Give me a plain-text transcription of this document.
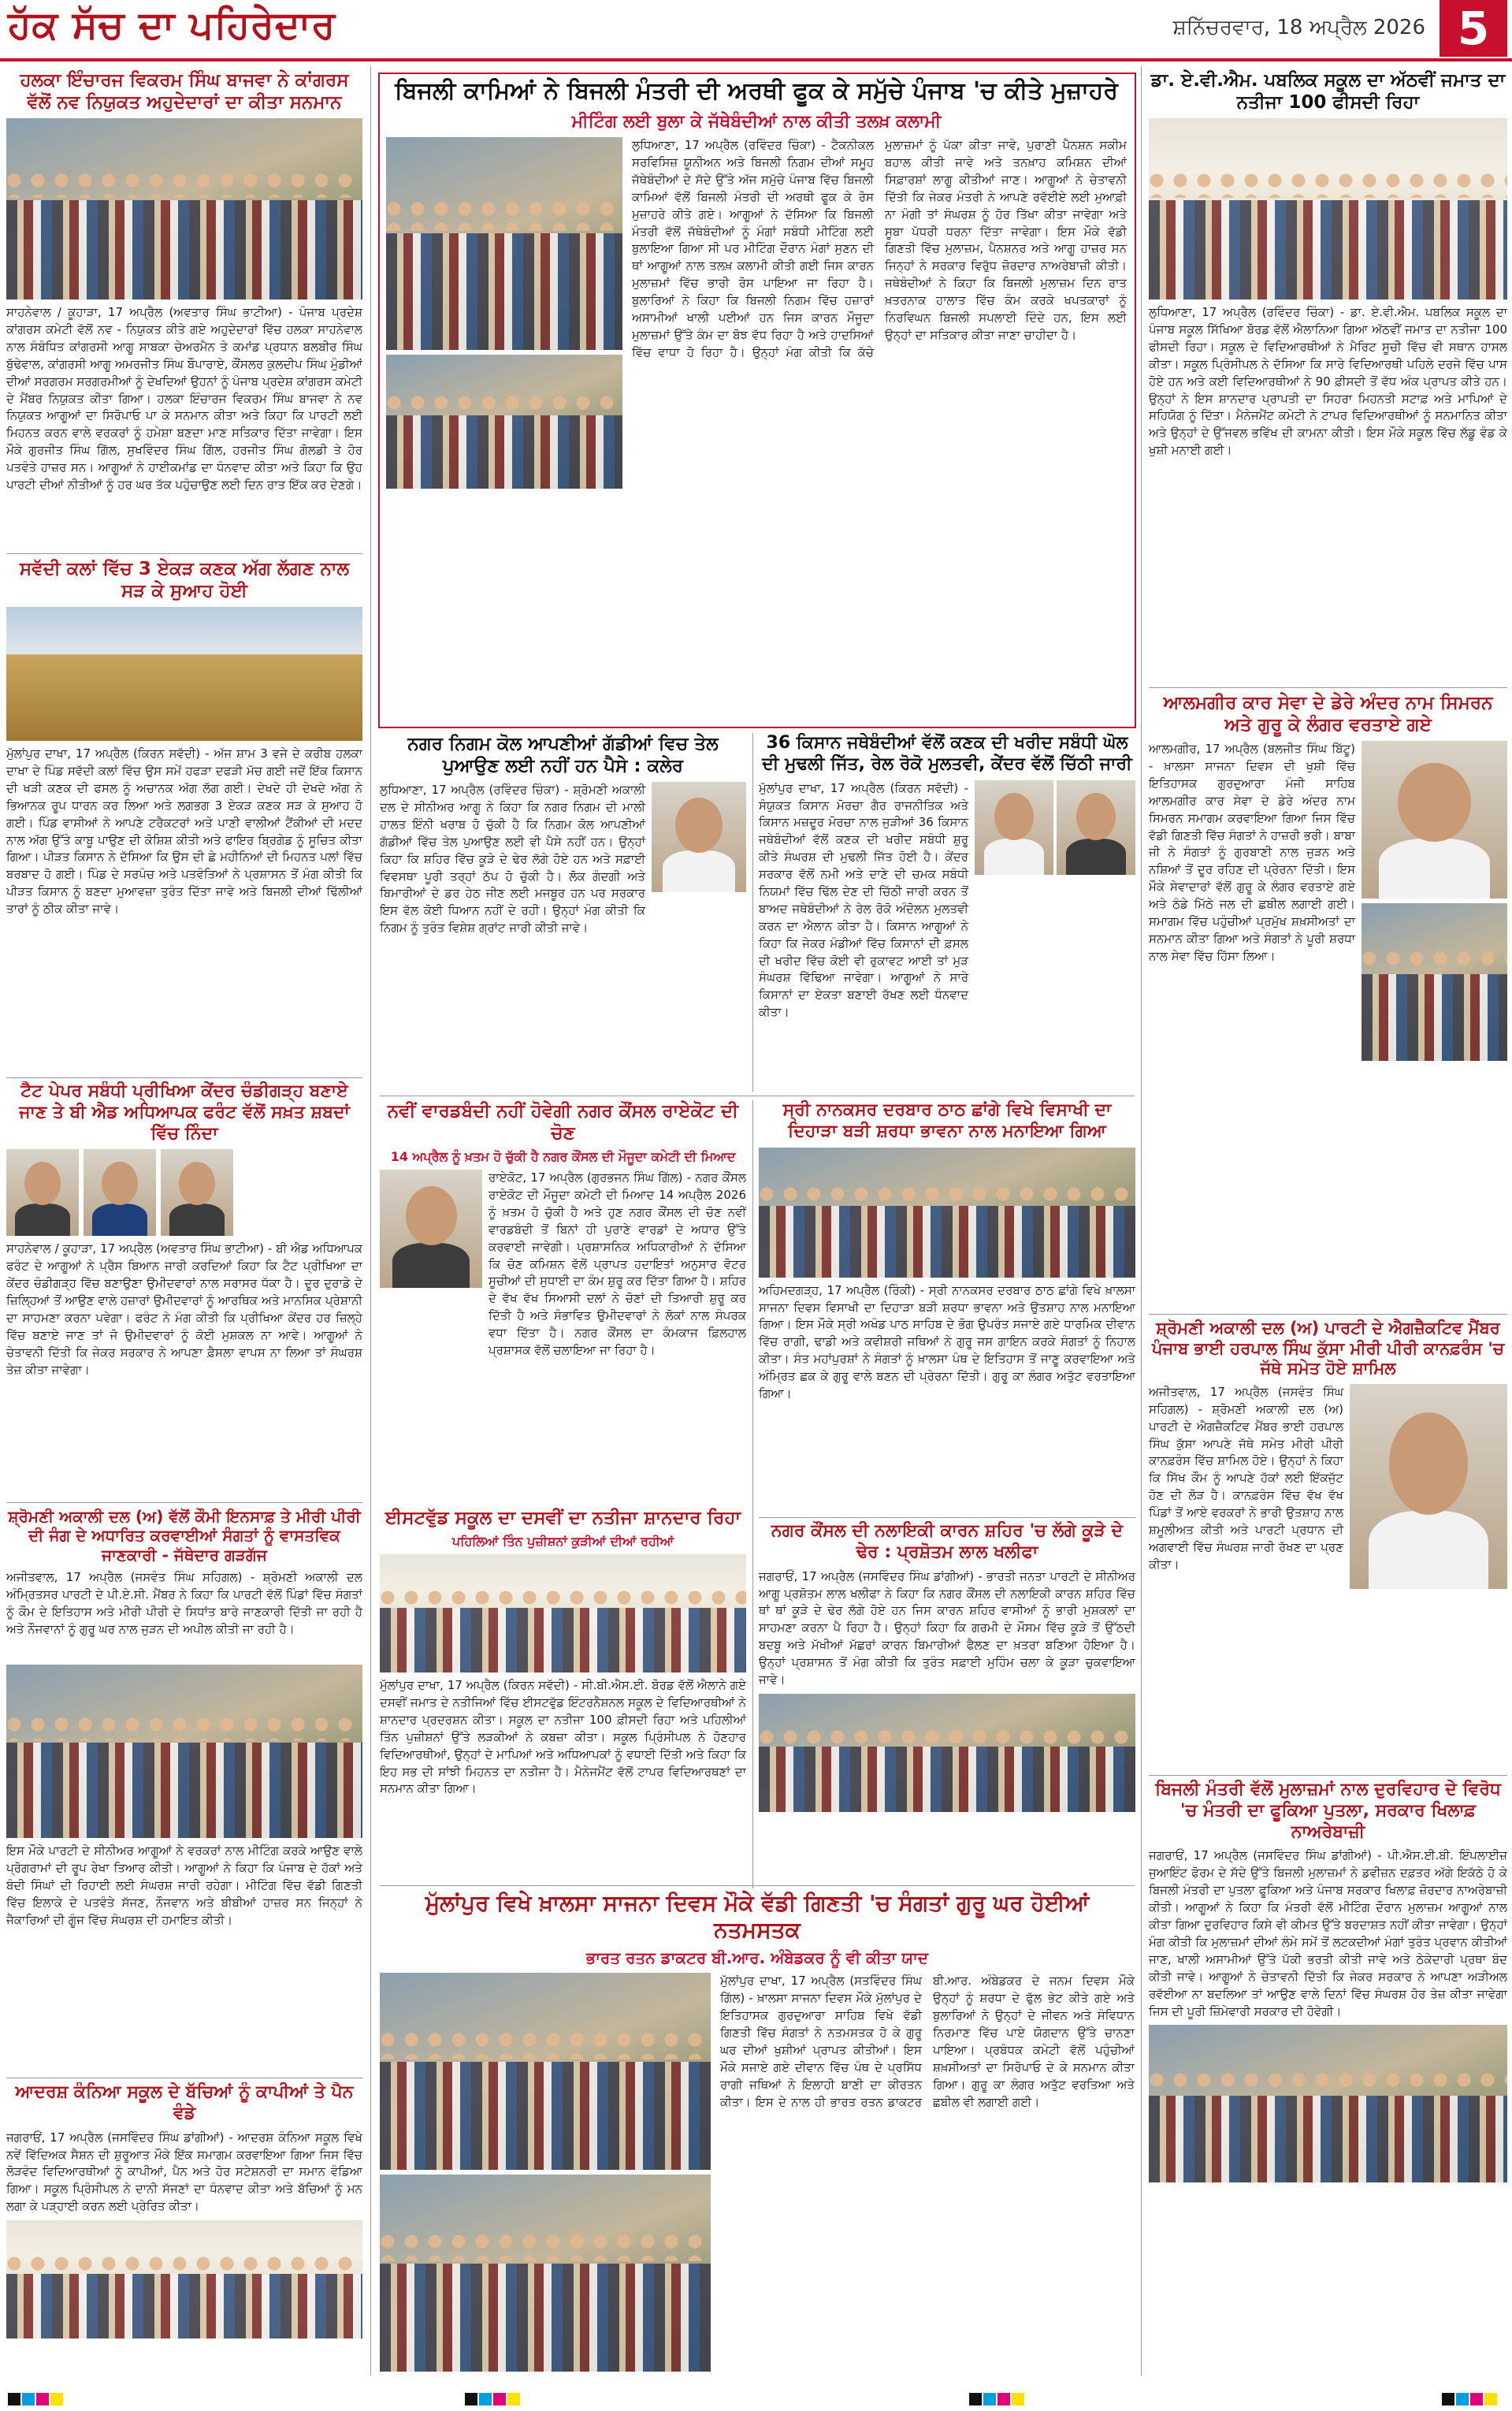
ਹੱਕ ਸੱਚ ਦਾ ਪਹਿਰੇਦਾਰ	ਸ਼ਨਿੱਚਰਵਾਰ, 18 ਅਪ੍ਰੈਲ 2026 5
ਹਲਕਾ ਇੰਚਾਰਜ ਵਿਕਰਮ ਸਿੰਘ ਬਾਜਵਾ ਨੇ ਕਾਂਗਰਸ ਵੱਲੋਂ ਨਵ ਨਿਯੁਕਤ ਅਹੁਦੇਦਾਰਾਂ ਦਾ ਕੀਤਾ ਸਨਮਾਨ
ਸਾਹਨੇਵਾਲ / ਕੂਹਾੜਾ, 17 ਅਪ੍ਰੈਲ (ਅਵਤਾਰ ਸਿੰਘ ਭਾਟੀਆ) - ਪੰਜਾਬ ਪ੍ਰਦੇਸ਼ ਕਾਂਗਰਸ ਕਮੇਟੀ ਵੱਲੋਂ ਨਵ - ਨਿਯੁਕਤ ਕੀਤੇ ਗਏ ਅਹੁਦੇਦਾਰਾਂ ਵਿੱਚ ਹਲਕਾ ਸਾਹਨੇਵਾਲ ਨਾਲ ਸੰਬੰਧਿਤ ਕਾਂਗਰਸੀ ਆਗੂ ਸਾਬਕਾ ਚੇਅਰਮੈਨ ਤੇ ਕਮਾਂਡ ਪ੍ਰਧਾਨ ਬਲਬੀਰ ਸਿੰਘ ਬੁੱਢੇਵਾਲ, ਕਾਂਗਰਸੀ ਆਗੂ ਅਮਰਜੀਤ ਸਿੰਘ ਬੌਪਾਰਾਏ, ਕੌਂਸਲਰ ਕੁਲਦੀਪ ਸਿੰਘ ਮੁੰਡੀਆਂ ਦੀਆਂ ਸਰਗਰਮ ਸਰਗਰਮੀਆਂ ਨੂੰ ਦੇਖਦਿਆਂ ਉਹਨਾਂ ਨੂੰ ਪੰਜਾਬ ਪ੍ਰਦੇਸ਼ ਕਾਂਗਰਸ ਕਮੇਟੀ ਦੇ ਮੈਂਬਰ ਨਿਯੁਕਤ ਕੀਤਾ ਗਿਆ। ਹਲਕਾ ਇੰਚਾਰਜ ਵਿਕਰਮ ਸਿੰਘ ਬਾਜਵਾ ਨੇ ਨਵ ਨਿਯੁਕਤ ਆਗੂਆਂ ਦਾ ਸਿਰੋਪਾਓ ਪਾ ਕੇ ਸਨਮਾਨ ਕੀਤਾ ਅਤੇ ਕਿਹਾ ਕਿ ਪਾਰਟੀ ਲਈ ਮਿਹਨਤ ਕਰਨ ਵਾਲੇ ਵਰਕਰਾਂ ਨੂੰ ਹਮੇਸ਼ਾ ਬਣਦਾ ਮਾਣ ਸਤਿਕਾਰ ਦਿੱਤਾ ਜਾਵੇਗਾ। ਇਸ ਮੌਕੇ ਗੁਰਜੀਤ ਸਿੰਘ ਗਿੱਲ, ਸੁਖਵਿੰਦਰ ਸਿੰਘ ਗਿੱਲ, ਹਰਜੀਤ ਸਿੰਘ ਗੋਲਡੀ ਤੇ ਹੋਰ ਪਤਵੰਤੇ ਹਾਜ਼ਰ ਸਨ। ਆਗੂਆਂ ਨੇ ਹਾਈਕਮਾਂਡ ਦਾ ਧੰਨਵਾਦ ਕੀਤਾ ਅਤੇ ਕਿਹਾ ਕਿ ਉਹ ਪਾਰਟੀ ਦੀਆਂ ਨੀਤੀਆਂ ਨੂੰ ਹਰ ਘਰ ਤੱਕ ਪਹੁੰਚਾਉਣ ਲਈ ਦਿਨ ਰਾਤ ਇੱਕ ਕਰ ਦੇਣਗੇ।
ਸਵੱਦੀ ਕਲਾਂ ਵਿੱਚ 3 ਏਕੜ ਕਣਕ ਅੱਗ ਲੱਗਣ ਨਾਲ ਸੜ ਕੇ ਸੁਆਹ ਹੋਈ
ਮੁੱਲਾਂਪੁਰ ਦਾਖਾ, 17 ਅਪ੍ਰੈਲ (ਕਿਰਨ ਸਵੱਦੀ) - ਅੱਜ ਸ਼ਾਮ 3 ਵਜੇ ਦੇ ਕਰੀਬ ਹਲਕਾ ਦਾਖਾ ਦੇ ਪਿੰਡ ਸਵੱਦੀ ਕਲਾਂ ਵਿੱਚ ਉਸ ਸਮੇਂ ਹਫੜਾ ਦਫੜੀ ਮੱਚ ਗਈ ਜਦੋਂ ਇੱਕ ਕਿਸਾਨ ਦੀ ਖੜੀ ਕਣਕ ਦੀ ਫਸਲ ਨੂੰ ਅਚਾਨਕ ਅੱਗ ਲੱਗ ਗਈ। ਦੇਖਦੇ ਹੀ ਦੇਖਦੇ ਅੱਗ ਨੇ ਭਿਆਨਕ ਰੂਪ ਧਾਰਨ ਕਰ ਲਿਆ ਅਤੇ ਲਗਭਗ 3 ਏਕੜ ਕਣਕ ਸੜ ਕੇ ਸੁਆਹ ਹੋ ਗਈ। ਪਿੰਡ ਵਾਸੀਆਂ ਨੇ ਆਪਣੇ ਟਰੈਕਟਰਾਂ ਅਤੇ ਪਾਣੀ ਵਾਲੀਆਂ ਟੈਂਕੀਆਂ ਦੀ ਮਦਦ ਨਾਲ ਅੱਗ ਉੱਤੇ ਕਾਬੂ ਪਾਉਣ ਦੀ ਕੋਸ਼ਿਸ਼ ਕੀਤੀ ਅਤੇ ਫਾਇਰ ਬ੍ਰਿਗੇਡ ਨੂੰ ਸੂਚਿਤ ਕੀਤਾ ਗਿਆ। ਪੀੜਤ ਕਿਸਾਨ ਨੇ ਦੱਸਿਆ ਕਿ ਉਸ ਦੀ ਛੇ ਮਹੀਨਿਆਂ ਦੀ ਮਿਹਨਤ ਪਲਾਂ ਵਿੱਚ ਬਰਬਾਦ ਹੋ ਗਈ। ਪਿੰਡ ਦੇ ਸਰਪੰਚ ਅਤੇ ਪਤਵੰਤਿਆਂ ਨੇ ਪ੍ਰਸ਼ਾਸਨ ਤੋਂ ਮੰਗ ਕੀਤੀ ਕਿ ਪੀੜਤ ਕਿਸਾਨ ਨੂੰ ਬਣਦਾ ਮੁਆਵਜ਼ਾ ਤੁਰੰਤ ਦਿੱਤਾ ਜਾਵੇ ਅਤੇ ਬਿਜਲੀ ਦੀਆਂ ਢਿੱਲੀਆਂ ਤਾਰਾਂ ਨੂੰ ਠੀਕ ਕੀਤਾ ਜਾਵੇ।
ਟੈਟ ਪੇਪਰ ਸਬੰਧੀ ਪ੍ਰੀਖਿਆ ਕੇਂਦਰ ਚੰਡੀਗੜ੍ਹ ਬਣਾਏ ਜਾਣ ਤੇ ਬੀ ਐਡ ਅਧਿਆਪਕ ਫਰੰਟ ਵੱਲੋਂ ਸਖ਼ਤ ਸ਼ਬਦਾਂ ਵਿੱਚ ਨਿੰਦਾ
ਸਾਹਨੇਵਾਲ / ਕੂਹਾੜਾ, 17 ਅਪ੍ਰੈਲ (ਅਵਤਾਰ ਸਿੰਘ ਭਾਟੀਆ) - ਬੀ ਐਡ ਅਧਿਆਪਕ ਫਰੰਟ ਦੇ ਆਗੂਆਂ ਨੇ ਪ੍ਰੈਸ ਬਿਆਨ ਜਾਰੀ ਕਰਦਿਆਂ ਕਿਹਾ ਕਿ ਟੈਟ ਪ੍ਰੀਖਿਆ ਦਾ ਕੇਂਦਰ ਚੰਡੀਗੜ੍ਹ ਵਿੱਚ ਬਣਾਉਣਾ ਉਮੀਦਵਾਰਾਂ ਨਾਲ ਸਰਾਸਰ ਧੱਕਾ ਹੈ। ਦੂਰ ਦੁਰਾਡੇ ਦੇ ਜ਼ਿਲ੍ਹਿਆਂ ਤੋਂ ਆਉਣ ਵਾਲੇ ਹਜ਼ਾਰਾਂ ਉਮੀਦਵਾਰਾਂ ਨੂੰ ਆਰਥਿਕ ਅਤੇ ਮਾਨਸਿਕ ਪ੍ਰੇਸ਼ਾਨੀ ਦਾ ਸਾਹਮਣਾ ਕਰਨਾ ਪਵੇਗਾ। ਫਰੰਟ ਨੇ ਮੰਗ ਕੀਤੀ ਕਿ ਪ੍ਰੀਖਿਆ ਕੇਂਦਰ ਹਰ ਜ਼ਿਲ੍ਹੇ ਵਿੱਚ ਬਣਾਏ ਜਾਣ ਤਾਂ ਜੋ ਉਮੀਦਵਾਰਾਂ ਨੂੰ ਕੋਈ ਮੁਸ਼ਕਲ ਨਾ ਆਵੇ। ਆਗੂਆਂ ਨੇ ਚੇਤਾਵਨੀ ਦਿੱਤੀ ਕਿ ਜੇਕਰ ਸਰਕਾਰ ਨੇ ਆਪਣਾ ਫ਼ੈਸਲਾ ਵਾਪਸ ਨਾ ਲਿਆ ਤਾਂ ਸੰਘਰਸ਼ ਤੇਜ਼ ਕੀਤਾ ਜਾਵੇਗਾ।
ਸ਼੍ਰੋਮਣੀ ਅਕਾਲੀ ਦਲ (ਅ) ਵੱਲੋਂ ਕੌਮੀ ਇਨਸਾਫ਼ ਤੇ ਮੀਰੀ ਪੀਰੀ ਦੀ ਜੰਗ ਦੇ ਅਧਾਰਿਤ ਕਰਵਾਈਆਂ ਸੰਗਤਾਂ ਨੂੰ ਵਾਸਤਵਿਕ ਜਾਣਕਾਰੀ - ਜੱਥੇਦਾਰ ਗੜਗੱਜ
ਅਜੀਤਵਾਲ, 17 ਅਪ੍ਰੈਲ (ਜਸਵੰਤ ਸਿੰਘ ਸਹਿਗਲ) - ਸ਼੍ਰੋਮਣੀ ਅਕਾਲੀ ਦਲ ਅੰਮ੍ਰਿਤਸਰ ਪਾਰਟੀ ਦੇ ਪੀ.ਏ.ਸੀ. ਮੈਂਬਰ ਨੇ ਕਿਹਾ ਕਿ ਪਾਰਟੀ ਵੱਲੋਂ ਪਿੰਡਾਂ ਵਿੱਚ ਸੰਗਤਾਂ ਨੂੰ ਕੌਮ ਦੇ ਇਤਿਹਾਸ ਅਤੇ ਮੀਰੀ ਪੀਰੀ ਦੇ ਸਿਧਾਂਤ ਬਾਰੇ ਜਾਣਕਾਰੀ ਦਿੱਤੀ ਜਾ ਰਹੀ ਹੈ ਅਤੇ ਨੌਜਵਾਨਾਂ ਨੂੰ ਗੁਰੂ ਘਰ ਨਾਲ ਜੁੜਨ ਦੀ ਅਪੀਲ ਕੀਤੀ ਜਾ ਰਹੀ ਹੈ।
ਇਸ ਮੌਕੇ ਪਾਰਟੀ ਦੇ ਸੀਨੀਅਰ ਆਗੂਆਂ ਨੇ ਵਰਕਰਾਂ ਨਾਲ ਮੀਟਿੰਗ ਕਰਕੇ ਆਉਣ ਵਾਲੇ ਪ੍ਰੋਗਰਾਮਾਂ ਦੀ ਰੂਪ ਰੇਖਾ ਤਿਆਰ ਕੀਤੀ। ਆਗੂਆਂ ਨੇ ਕਿਹਾ ਕਿ ਪੰਜਾਬ ਦੇ ਹੱਕਾਂ ਅਤੇ ਬੰਦੀ ਸਿੰਘਾਂ ਦੀ ਰਿਹਾਈ ਲਈ ਸੰਘਰਸ਼ ਜਾਰੀ ਰਹੇਗਾ। ਮੀਟਿੰਗ ਵਿੱਚ ਵੱਡੀ ਗਿਣਤੀ ਵਿੱਚ ਇਲਾਕੇ ਦੇ ਪਤਵੰਤੇ ਸੱਜਣ, ਨੌਜਵਾਨ ਅਤੇ ਬੀਬੀਆਂ ਹਾਜ਼ਰ ਸਨ ਜਿਨ੍ਹਾਂ ਨੇ ਜੈਕਾਰਿਆਂ ਦੀ ਗੂੰਜ ਵਿੱਚ ਸੰਘਰਸ਼ ਦੀ ਹਮਾਇਤ ਕੀਤੀ।
ਆਦਰਸ਼ ਕੰਨਿਆ ਸਕੂਲ ਦੇ ਬੱਚਿਆਂ ਨੂੰ ਕਾਪੀਆਂ ਤੇ ਪੈਨ ਵੰਡੇ
ਜਗਰਾਓਂ, 17 ਅਪ੍ਰੈਲ (ਜਸਵਿੰਦਰ ਸਿੰਘ ਡਾਂਗੀਆਂ) - ਆਦਰਸ਼ ਕੰਨਿਆ ਸਕੂਲ ਵਿਖੇ ਨਵੇਂ ਵਿੱਦਿਅਕ ਸੈਸ਼ਨ ਦੀ ਸ਼ੁਰੂਆਤ ਮੌਕੇ ਇੱਕ ਸਮਾਗਮ ਕਰਵਾਇਆ ਗਿਆ ਜਿਸ ਵਿੱਚ ਲੋੜਵੰਦ ਵਿਦਿਆਰਥੀਆਂ ਨੂੰ ਕਾਪੀਆਂ, ਪੈਨ ਅਤੇ ਹੋਰ ਸਟੇਸ਼ਨਰੀ ਦਾ ਸਮਾਨ ਵੰਡਿਆ ਗਿਆ। ਸਕੂਲ ਪ੍ਰਿੰਸੀਪਲ ਨੇ ਦਾਨੀ ਸੱਜਣਾਂ ਦਾ ਧੰਨਵਾਦ ਕੀਤਾ ਅਤੇ ਬੱਚਿਆਂ ਨੂੰ ਮਨ ਲਗਾ ਕੇ ਪੜ੍ਹਾਈ ਕਰਨ ਲਈ ਪ੍ਰੇਰਿਤ ਕੀਤਾ।
ਬਿਜਲੀ ਕਾਮਿਆਂ ਨੇ ਬਿਜਲੀ ਮੰਤਰੀ ਦੀ ਅਰਥੀ ਫੂਕ ਕੇ ਸਮੁੱਚੇ ਪੰਜਾਬ 'ਚ ਕੀਤੇ ਮੁਜ਼ਾਹਰੇ
ਮੀਟਿੰਗ ਲਈ ਬੁਲਾ ਕੇ ਜੱਥੇਬੰਦੀਆਂ ਨਾਲ ਕੀਤੀ ਤਲਖ਼ ਕਲਾਮੀ
ਲੁਧਿਆਣਾ, 17 ਅਪ੍ਰੈਲ (ਰਵਿੰਦਰ ਚਿੰਕਾ) - ਟੈਕਨੀਕਲ ਸਰਵਿਸਿਜ਼ ਯੂਨੀਅਨ ਅਤੇ ਬਿਜਲੀ ਨਿਗਮ ਦੀਆਂ ਸਮੂਹ ਜੱਥੇਬੰਦੀਆਂ ਦੇ ਸੱਦੇ ਉੱਤੇ ਅੱਜ ਸਮੁੱਚੇ ਪੰਜਾਬ ਵਿੱਚ ਬਿਜਲੀ ਕਾਮਿਆਂ ਵੱਲੋਂ ਬਿਜਲੀ ਮੰਤਰੀ ਦੀ ਅਰਥੀ ਫੂਕ ਕੇ ਰੋਸ ਮੁਜ਼ਾਹਰੇ ਕੀਤੇ ਗਏ। ਆਗੂਆਂ ਨੇ ਦੱਸਿਆ ਕਿ ਬਿਜਲੀ ਮੰਤਰੀ ਵੱਲੋਂ ਜੱਥੇਬੰਦੀਆਂ ਨੂੰ ਮੰਗਾਂ ਸਬੰਧੀ ਮੀਟਿੰਗ ਲਈ ਬੁਲਾਇਆ ਗਿਆ ਸੀ ਪਰ ਮੀਟਿੰਗ ਦੌਰਾਨ ਮੰਗਾਂ ਸੁਣਨ ਦੀ ਥਾਂ ਆਗੂਆਂ ਨਾਲ ਤਲਖ਼ ਕਲਾਮੀ ਕੀਤੀ ਗਈ ਜਿਸ ਕਾਰਨ ਮੁਲਾਜ਼ਮਾਂ ਵਿੱਚ ਭਾਰੀ ਰੋਸ ਪਾਇਆ ਜਾ ਰਿਹਾ ਹੈ। ਬੁਲਾਰਿਆਂ ਨੇ ਕਿਹਾ ਕਿ ਬਿਜਲੀ ਨਿਗਮ ਵਿੱਚ ਹਜ਼ਾਰਾਂ ਅਸਾਮੀਆਂ ਖਾਲੀ ਪਈਆਂ ਹਨ ਜਿਸ ਕਾਰਨ ਮੌਜੂਦਾ ਮੁਲਾਜ਼ਮਾਂ ਉੱਤੇ ਕੰਮ ਦਾ ਬੋਝ ਵੱਧ ਰਿਹਾ ਹੈ ਅਤੇ ਹਾਦਸਿਆਂ ਵਿੱਚ ਵਾਧਾ ਹੋ ਰਿਹਾ ਹੈ। ਉਨ੍ਹਾਂ ਮੰਗ ਕੀਤੀ ਕਿ ਕੱਚੇ ਮੁਲਾਜ਼ਮਾਂ ਨੂੰ ਪੱਕਾ ਕੀਤਾ ਜਾਵੇ, ਪੁਰਾਣੀ ਪੈਨਸ਼ਨ ਸਕੀਮ ਬਹਾਲ ਕੀਤੀ ਜਾਵੇ ਅਤੇ ਤਨਖ਼ਾਹ ਕਮਿਸ਼ਨ ਦੀਆਂ ਸਿਫ਼ਾਰਸ਼ਾਂ ਲਾਗੂ ਕੀਤੀਆਂ ਜਾਣ। ਆਗੂਆਂ ਨੇ ਚੇਤਾਵਨੀ ਦਿੱਤੀ ਕਿ ਜੇਕਰ ਮੰਤਰੀ ਨੇ ਆਪਣੇ ਰਵੱਈਏ ਲਈ ਮੁਆਫ਼ੀ ਨਾ ਮੰਗੀ ਤਾਂ ਸੰਘਰਸ਼ ਨੂੰ ਹੋਰ ਤਿੱਖਾ ਕੀਤਾ ਜਾਵੇਗਾ ਅਤੇ ਸੂਬਾ ਪੱਧਰੀ ਧਰਨਾ ਦਿੱਤਾ ਜਾਵੇਗਾ। ਇਸ ਮੌਕੇ ਵੱਡੀ ਗਿਣਤੀ ਵਿੱਚ ਮੁਲਾਜ਼ਮ, ਪੈਨਸ਼ਨਰ ਅਤੇ ਆਗੂ ਹਾਜ਼ਰ ਸਨ ਜਿਨ੍ਹਾਂ ਨੇ ਸਰਕਾਰ ਵਿਰੁੱਧ ਜ਼ੋਰਦਾਰ ਨਾਅਰੇਬਾਜ਼ੀ ਕੀਤੀ। ਜਥੇਬੰਦੀਆਂ ਨੇ ਕਿਹਾ ਕਿ ਬਿਜਲੀ ਮੁਲਾਜ਼ਮ ਦਿਨ ਰਾਤ ਖ਼ਤਰਨਾਕ ਹਾਲਾਤ ਵਿੱਚ ਕੰਮ ਕਰਕੇ ਖਪਤਕਾਰਾਂ ਨੂੰ ਨਿਰਵਿਘਨ ਬਿਜਲੀ ਸਪਲਾਈ ਦਿੰਦੇ ਹਨ, ਇਸ ਲਈ ਉਨ੍ਹਾਂ ਦਾ ਸਤਿਕਾਰ ਕੀਤਾ ਜਾਣਾ ਚਾਹੀਦਾ ਹੈ।
ਨਗਰ ਨਿਗਮ ਕੋਲ ਆਪਣੀਆਂ ਗੱਡੀਆਂ ਵਿਚ ਤੇਲ ਪੁਆਉਣ ਲਈ ਨਹੀਂ ਹਨ ਪੈਸੇ : ਕਲੇਰ
ਲੁਧਿਆਣਾ, 17 ਅਪ੍ਰੈਲ (ਰਵਿੰਦਰ ਚਿੰਕਾ) - ਸ਼੍ਰੋਮਣੀ ਅਕਾਲੀ ਦਲ ਦੇ ਸੀਨੀਅਰ ਆਗੂ ਨੇ ਕਿਹਾ ਕਿ ਨਗਰ ਨਿਗਮ ਦੀ ਮਾਲੀ ਹਾਲਤ ਇੰਨੀ ਖਰਾਬ ਹੋ ਚੁੱਕੀ ਹੈ ਕਿ ਨਿਗਮ ਕੋਲ ਆਪਣੀਆਂ ਗੱਡੀਆਂ ਵਿੱਚ ਤੇਲ ਪੁਆਉਣ ਲਈ ਵੀ ਪੈਸੇ ਨਹੀਂ ਹਨ। ਉਨ੍ਹਾਂ ਕਿਹਾ ਕਿ ਸ਼ਹਿਰ ਵਿੱਚ ਕੂੜੇ ਦੇ ਢੇਰ ਲੱਗੇ ਹੋਏ ਹਨ ਅਤੇ ਸਫ਼ਾਈ ਵਿਵਸਥਾ ਪੂਰੀ ਤਰ੍ਹਾਂ ਠੱਪ ਹੋ ਚੁੱਕੀ ਹੈ। ਲੋਕ ਗੰਦਗੀ ਅਤੇ ਬਿਮਾਰੀਆਂ ਦੇ ਡਰ ਹੇਠ ਜੀਣ ਲਈ ਮਜਬੂਰ ਹਨ ਪਰ ਸਰਕਾਰ ਇਸ ਵੱਲ ਕੋਈ ਧਿਆਨ ਨਹੀਂ ਦੇ ਰਹੀ। ਉਨ੍ਹਾਂ ਮੰਗ ਕੀਤੀ ਕਿ ਨਿਗਮ ਨੂੰ ਤੁਰੰਤ ਵਿਸ਼ੇਸ਼ ਗ੍ਰਾਂਟ ਜਾਰੀ ਕੀਤੀ ਜਾਵੇ।
36 ਕਿਸਾਨ ਜਥੇਬੰਦੀਆਂ ਵੱਲੋਂ ਕਣਕ ਦੀ ਖਰੀਦ ਸਬੰਧੀ ਘੋਲ ਦੀ ਮੁਢਲੀ ਜਿੱਤ, ਰੇਲ ਰੋਕੋ ਮੁਲਤਵੀ, ਕੇਂਦਰ ਵੱਲੋਂ ਚਿੱਠੀ ਜਾਰੀ
ਮੁੱਲਾਂਪੁਰ ਦਾਖਾ, 17 ਅਪ੍ਰੈਲ (ਕਿਰਨ ਸਵੱਦੀ) - ਸੰਯੁਕਤ ਕਿਸਾਨ ਮੋਰਚਾ ਗੈਰ ਰਾਜਨੀਤਿਕ ਅਤੇ ਕਿਸਾਨ ਮਜ਼ਦੂਰ ਮੋਰਚਾ ਨਾਲ ਜੁੜੀਆਂ 36 ਕਿਸਾਨ ਜਥੇਬੰਦੀਆਂ ਵੱਲੋਂ ਕਣਕ ਦੀ ਖਰੀਦ ਸਬੰਧੀ ਸ਼ੁਰੂ ਕੀਤੇ ਸੰਘਰਸ਼ ਦੀ ਮੁਢਲੀ ਜਿੱਤ ਹੋਈ ਹੈ। ਕੇਂਦਰ ਸਰਕਾਰ ਵੱਲੋਂ ਨਮੀ ਅਤੇ ਦਾਣੇ ਦੀ ਚਮਕ ਸਬੰਧੀ ਨਿਯਮਾਂ ਵਿੱਚ ਢਿੱਲ ਦੇਣ ਦੀ ਚਿੱਠੀ ਜਾਰੀ ਕਰਨ ਤੋਂ ਬਾਅਦ ਜਥੇਬੰਦੀਆਂ ਨੇ ਰੇਲ ਰੋਕੋ ਅੰਦੋਲਨ ਮੁਲਤਵੀ ਕਰਨ ਦਾ ਐਲਾਨ ਕੀਤਾ ਹੈ। ਕਿਸਾਨ ਆਗੂਆਂ ਨੇ ਕਿਹਾ ਕਿ ਜੇਕਰ ਮੰਡੀਆਂ ਵਿੱਚ ਕਿਸਾਨਾਂ ਦੀ ਫ਼ਸਲ ਦੀ ਖਰੀਦ ਵਿੱਚ ਕੋਈ ਵੀ ਰੁਕਾਵਟ ਆਈ ਤਾਂ ਮੁੜ ਸੰਘਰਸ਼ ਵਿੱਢਿਆ ਜਾਵੇਗਾ। ਆਗੂਆਂ ਨੇ ਸਾਰੇ ਕਿਸਾਨਾਂ ਦਾ ਏਕਤਾ ਬਣਾਈ ਰੱਖਣ ਲਈ ਧੰਨਵਾਦ ਕੀਤਾ।
ਨਵੀਂ ਵਾਰਡਬੰਦੀ ਨਹੀਂ ਹੋਵੇਗੀ ਨਗਰ ਕੌਂਸਲ ਰਾਏਕੋਟ ਦੀ ਚੋਣ
14 ਅਪ੍ਰੈਲ ਨੂੰ ਖ਼ਤਮ ਹੋ ਚੁੱਕੀ ਹੈ ਨਗਰ ਕੌਂਸਲ ਦੀ ਮੌਜੂਦਾ ਕਮੇਟੀ ਦੀ ਮਿਆਦ
ਰਾਏਕੋਟ, 17 ਅਪ੍ਰੈਲ (ਗੁਰਭਜਨ ਸਿੰਘ ਗਿੱਲ) - ਨਗਰ ਕੌਂਸਲ ਰਾਏਕੋਟ ਦੀ ਮੌਜੂਦਾ ਕਮੇਟੀ ਦੀ ਮਿਆਦ 14 ਅਪ੍ਰੈਲ 2026 ਨੂੰ ਖ਼ਤਮ ਹੋ ਚੁੱਕੀ ਹੈ ਅਤੇ ਹੁਣ ਨਗਰ ਕੌਂਸਲ ਦੀ ਚੋਣ ਨਵੀਂ ਵਾਰਡਬੰਦੀ ਤੋਂ ਬਿਨਾਂ ਹੀ ਪੁਰਾਣੇ ਵਾਰਡਾਂ ਦੇ ਅਧਾਰ ਉੱਤੇ ਕਰਵਾਈ ਜਾਵੇਗੀ। ਪ੍ਰਸ਼ਾਸਨਿਕ ਅਧਿਕਾਰੀਆਂ ਨੇ ਦੱਸਿਆ ਕਿ ਚੋਣ ਕਮਿਸ਼ਨ ਵੱਲੋਂ ਪ੍ਰਾਪਤ ਹਦਾਇਤਾਂ ਅਨੁਸਾਰ ਵੋਟਰ ਸੂਚੀਆਂ ਦੀ ਸੁਧਾਈ ਦਾ ਕੰਮ ਸ਼ੁਰੂ ਕਰ ਦਿੱਤਾ ਗਿਆ ਹੈ। ਸ਼ਹਿਰ ਦੇ ਵੱਖ ਵੱਖ ਸਿਆਸੀ ਦਲਾਂ ਨੇ ਚੋਣਾਂ ਦੀ ਤਿਆਰੀ ਸ਼ੁਰੂ ਕਰ ਦਿੱਤੀ ਹੈ ਅਤੇ ਸੰਭਾਵਿਤ ਉਮੀਦਵਾਰਾਂ ਨੇ ਲੋਕਾਂ ਨਾਲ ਸੰਪਰਕ ਵਧਾ ਦਿੱਤਾ ਹੈ। ਨਗਰ ਕੌਂਸਲ ਦਾ ਕੰਮਕਾਜ ਫ਼ਿਲਹਾਲ ਪ੍ਰਸ਼ਾਸਕ ਵੱਲੋਂ ਚਲਾਇਆ ਜਾ ਰਿਹਾ ਹੈ।
ਸ੍ਰੀ ਨਾਨਕਸਰ ਦਰਬਾਰ ਠਾਠ ਛਾਂਗੇ ਵਿਖੇ ਵਿਸਾਖੀ ਦਾ ਦਿਹਾੜਾ ਬੜੀ ਸ਼ਰਧਾ ਭਾਵਨਾ ਨਾਲ ਮਨਾਇਆ ਗਿਆ
ਅਹਿਮਦਗੜ੍ਹ, 17 ਅਪ੍ਰੈਲ (ਰਿੰਕੀ) - ਸ੍ਰੀ ਨਾਨਕਸਰ ਦਰਬਾਰ ਠਾਠ ਛਾਂਗੇ ਵਿਖੇ ਖ਼ਾਲਸਾ ਸਾਜਨਾ ਦਿਵਸ ਵਿਸਾਖੀ ਦਾ ਦਿਹਾੜਾ ਬੜੀ ਸ਼ਰਧਾ ਭਾਵਨਾ ਅਤੇ ਉਤਸ਼ਾਹ ਨਾਲ ਮਨਾਇਆ ਗਿਆ। ਇਸ ਮੌਕੇ ਸ੍ਰੀ ਅਖੰਡ ਪਾਠ ਸਾਹਿਬ ਦੇ ਭੋਗ ਉਪਰੰਤ ਸਜਾਏ ਗਏ ਧਾਰਮਿਕ ਦੀਵਾਨ ਵਿੱਚ ਰਾਗੀ, ਢਾਡੀ ਅਤੇ ਕਵੀਸ਼ਰੀ ਜਥਿਆਂ ਨੇ ਗੁਰੂ ਜਸ ਗਾਇਨ ਕਰਕੇ ਸੰਗਤਾਂ ਨੂੰ ਨਿਹਾਲ ਕੀਤਾ। ਸੰਤ ਮਹਾਂਪੁਰਸ਼ਾਂ ਨੇ ਸੰਗਤਾਂ ਨੂੰ ਖ਼ਾਲਸਾ ਪੰਥ ਦੇ ਇਤਿਹਾਸ ਤੋਂ ਜਾਣੂ ਕਰਵਾਇਆ ਅਤੇ ਅੰਮ੍ਰਿਤ ਛਕ ਕੇ ਗੁਰੂ ਵਾਲੇ ਬਣਨ ਦੀ ਪ੍ਰੇਰਨਾ ਦਿੱਤੀ। ਗੁਰੂ ਕਾ ਲੰਗਰ ਅਤੁੱਟ ਵਰਤਾਇਆ ਗਿਆ।
ਈਸਟਵੁੱਡ ਸਕੂਲ ਦਾ ਦਸਵੀਂ ਦਾ ਨਤੀਜਾ ਸ਼ਾਨਦਾਰ ਰਿਹਾ
ਪਹਿਲਿਆਂ ਤਿੰਨ ਪੁਜ਼ੀਸ਼ਨਾਂ ਕੁੜੀਆਂ ਦੀਆਂ ਰਹੀਆਂ
ਮੁੱਲਾਂਪੁਰ ਦਾਖਾ, 17 ਅਪ੍ਰੈਲ (ਕਿਰਨ ਸਵੱਦੀ) - ਸੀ.ਬੀ.ਐਸ.ਈ. ਬੋਰਡ ਵੱਲੋਂ ਐਲਾਨੇ ਗਏ ਦਸਵੀਂ ਜਮਾਤ ਦੇ ਨਤੀਜਿਆਂ ਵਿੱਚ ਈਸਟਵੁੱਡ ਇੰਟਰਨੈਸ਼ਨਲ ਸਕੂਲ ਦੇ ਵਿਦਿਆਰਥੀਆਂ ਨੇ ਸ਼ਾਨਦਾਰ ਪ੍ਰਦਰਸ਼ਨ ਕੀਤਾ। ਸਕੂਲ ਦਾ ਨਤੀਜਾ 100 ਫ਼ੀਸਦੀ ਰਿਹਾ ਅਤੇ ਪਹਿਲੀਆਂ ਤਿੰਨ ਪੁਜ਼ੀਸ਼ਨਾਂ ਉੱਤੇ ਲੜਕੀਆਂ ਨੇ ਕਬਜ਼ਾ ਕੀਤਾ। ਸਕੂਲ ਪ੍ਰਿੰਸੀਪਲ ਨੇ ਹੋਣਹਾਰ ਵਿਦਿਆਰਥੀਆਂ, ਉਨ੍ਹਾਂ ਦੇ ਮਾਪਿਆਂ ਅਤੇ ਅਧਿਆਪਕਾਂ ਨੂੰ ਵਧਾਈ ਦਿੱਤੀ ਅਤੇ ਕਿਹਾ ਕਿ ਇਹ ਸਭ ਦੀ ਸਾਂਝੀ ਮਿਹਨਤ ਦਾ ਨਤੀਜਾ ਹੈ। ਮੈਨੇਜਮੈਂਟ ਵੱਲੋਂ ਟਾਪਰ ਵਿਦਿਆਰਥਣਾਂ ਦਾ ਸਨਮਾਨ ਕੀਤਾ ਗਿਆ।
ਨਗਰ ਕੌਂਸਲ ਦੀ ਨਲਾਇਕੀ ਕਾਰਨ ਸ਼ਹਿਰ 'ਚ ਲੱਗੇ ਕੂੜੇ ਦੇ ਢੇਰ : ਪ੍ਰਸ਼ੋਤਮ ਲਾਲ ਖਲੀਫਾ
ਜਗਰਾਓਂ, 17 ਅਪ੍ਰੈਲ (ਜਸਵਿੰਦਰ ਸਿੰਘ ਡਾਂਗੀਆਂ) - ਭਾਰਤੀ ਜਨਤਾ ਪਾਰਟੀ ਦੇ ਸੀਨੀਅਰ ਆਗੂ ਪ੍ਰਸ਼ੋਤਮ ਲਾਲ ਖਲੀਫਾ ਨੇ ਕਿਹਾ ਕਿ ਨਗਰ ਕੌਂਸਲ ਦੀ ਨਲਾਇਕੀ ਕਾਰਨ ਸ਼ਹਿਰ ਵਿੱਚ ਥਾਂ ਥਾਂ ਕੂੜੇ ਦੇ ਢੇਰ ਲੱਗੇ ਹੋਏ ਹਨ ਜਿਸ ਕਾਰਨ ਸ਼ਹਿਰ ਵਾਸੀਆਂ ਨੂੰ ਭਾਰੀ ਮੁਸ਼ਕਲਾਂ ਦਾ ਸਾਹਮਣਾ ਕਰਨਾ ਪੈ ਰਿਹਾ ਹੈ। ਉਨ੍ਹਾਂ ਕਿਹਾ ਕਿ ਗਰਮੀ ਦੇ ਮੌਸਮ ਵਿੱਚ ਕੂੜੇ ਤੋਂ ਉੱਠਦੀ ਬਦਬੂ ਅਤੇ ਮੱਖੀਆਂ ਮੱਛਰਾਂ ਕਾਰਨ ਬਿਮਾਰੀਆਂ ਫੈਲਣ ਦਾ ਖ਼ਤਰਾ ਬਣਿਆ ਹੋਇਆ ਹੈ। ਉਨ੍ਹਾਂ ਪ੍ਰਸ਼ਾਸਨ ਤੋਂ ਮੰਗ ਕੀਤੀ ਕਿ ਤੁਰੰਤ ਸਫ਼ਾਈ ਮੁਹਿੰਮ ਚਲਾ ਕੇ ਕੂੜਾ ਚੁਕਵਾਇਆ ਜਾਵੇ।
ਮੁੱਲਾਂਪੁਰ ਵਿਖੇ ਖ਼ਾਲਸਾ ਸਾਜਨਾ ਦਿਵਸ ਮੌਕੇ ਵੱਡੀ ਗਿਣਤੀ 'ਚ ਸੰਗਤਾਂ ਗੁਰੂ ਘਰ ਹੋਈਆਂ ਨਤਮਸਤਕ
ਭਾਰਤ ਰਤਨ ਡਾਕਟਰ ਬੀ.ਆਰ. ਅੰਬੇਡਕਰ ਨੂੰ ਵੀ ਕੀਤਾ ਯਾਦ
ਮੁੱਲਾਂਪੁਰ ਦਾਖਾ, 17 ਅਪ੍ਰੈਲ (ਸਤਵਿੰਦਰ ਸਿੰਘ ਗਿੱਲ) - ਖ਼ਾਲਸਾ ਸਾਜਨਾ ਦਿਵਸ ਮੌਕੇ ਮੁੱਲਾਂਪੁਰ ਦੇ ਇਤਿਹਾਸਕ ਗੁਰਦੁਆਰਾ ਸਾਹਿਬ ਵਿਖੇ ਵੱਡੀ ਗਿਣਤੀ ਵਿੱਚ ਸੰਗਤਾਂ ਨੇ ਨਤਮਸਤਕ ਹੋ ਕੇ ਗੁਰੂ ਘਰ ਦੀਆਂ ਖੁਸ਼ੀਆਂ ਪ੍ਰਾਪਤ ਕੀਤੀਆਂ। ਇਸ ਮੌਕੇ ਸਜਾਏ ਗਏ ਦੀਵਾਨ ਵਿੱਚ ਪੰਥ ਦੇ ਪ੍ਰਸਿੱਧ ਰਾਗੀ ਜਥਿਆਂ ਨੇ ਇਲਾਹੀ ਬਾਣੀ ਦਾ ਕੀਰਤਨ ਕੀਤਾ। ਇਸ ਦੇ ਨਾਲ ਹੀ ਭਾਰਤ ਰਤਨ ਡਾਕਟਰ ਬੀ.ਆਰ. ਅੰਬੇਡਕਰ ਦੇ ਜਨਮ ਦਿਵਸ ਮੌਕੇ ਉਨ੍ਹਾਂ ਨੂੰ ਸ਼ਰਧਾ ਦੇ ਫੁੱਲ ਭੇਟ ਕੀਤੇ ਗਏ ਅਤੇ ਬੁਲਾਰਿਆਂ ਨੇ ਉਨ੍ਹਾਂ ਦੇ ਜੀਵਨ ਅਤੇ ਸੰਵਿਧਾਨ ਨਿਰਮਾਣ ਵਿੱਚ ਪਾਏ ਯੋਗਦਾਨ ਉੱਤੇ ਚਾਨਣਾ ਪਾਇਆ। ਪ੍ਰਬੰਧਕ ਕਮੇਟੀ ਵੱਲੋਂ ਪਹੁੰਚੀਆਂ ਸ਼ਖ਼ਸੀਅਤਾਂ ਦਾ ਸਿਰੋਪਾਓ ਦੇ ਕੇ ਸਨਮਾਨ ਕੀਤਾ ਗਿਆ। ਗੁਰੂ ਕਾ ਲੰਗਰ ਅਤੁੱਟ ਵਰਤਿਆ ਅਤੇ ਛਬੀਲ ਵੀ ਲਗਾਈ ਗਈ।
ਡਾ. ਏ.ਵੀ.ਐਮ. ਪਬਲਿਕ ਸਕੂਲ ਦਾ ਅੱਠਵੀਂ ਜਮਾਤ ਦਾ ਨਤੀਜਾ 100 ਫੀਸਦੀ ਰਿਹਾ
ਲੁਧਿਆਣਾ, 17 ਅਪ੍ਰੈਲ (ਰਵਿੰਦਰ ਚਿੰਕਾ) - ਡਾ. ਏ.ਵੀ.ਐਮ. ਪਬਲਿਕ ਸਕੂਲ ਦਾ ਪੰਜਾਬ ਸਕੂਲ ਸਿੱਖਿਆ ਬੋਰਡ ਵੱਲੋਂ ਐਲਾਨਿਆ ਗਿਆ ਅੱਠਵੀਂ ਜਮਾਤ ਦਾ ਨਤੀਜਾ 100 ਫੀਸਦੀ ਰਿਹਾ। ਸਕੂਲ ਦੇ ਵਿਦਿਆਰਥੀਆਂ ਨੇ ਮੈਰਿਟ ਸੂਚੀ ਵਿੱਚ ਵੀ ਸਥਾਨ ਹਾਸਲ ਕੀਤਾ। ਸਕੂਲ ਪ੍ਰਿੰਸੀਪਲ ਨੇ ਦੱਸਿਆ ਕਿ ਸਾਰੇ ਵਿਦਿਆਰਥੀ ਪਹਿਲੇ ਦਰਜੇ ਵਿੱਚ ਪਾਸ ਹੋਏ ਹਨ ਅਤੇ ਕਈ ਵਿਦਿਆਰਥੀਆਂ ਨੇ 90 ਫ਼ੀਸਦੀ ਤੋਂ ਵੱਧ ਅੰਕ ਪ੍ਰਾਪਤ ਕੀਤੇ ਹਨ। ਉਨ੍ਹਾਂ ਨੇ ਇਸ ਸ਼ਾਨਦਾਰ ਪ੍ਰਾਪਤੀ ਦਾ ਸਿਹਰਾ ਮਿਹਨਤੀ ਸਟਾਫ਼ ਅਤੇ ਮਾਪਿਆਂ ਦੇ ਸਹਿਯੋਗ ਨੂੰ ਦਿੱਤਾ। ਮੈਨੇਜਮੈਂਟ ਕਮੇਟੀ ਨੇ ਟਾਪਰ ਵਿਦਿਆਰਥੀਆਂ ਨੂੰ ਸਨਮਾਨਿਤ ਕੀਤਾ ਅਤੇ ਉਨ੍ਹਾਂ ਦੇ ਉੱਜਵਲ ਭਵਿੱਖ ਦੀ ਕਾਮਨਾ ਕੀਤੀ। ਇਸ ਮੌਕੇ ਸਕੂਲ ਵਿੱਚ ਲੱਡੂ ਵੰਡ ਕੇ ਖੁਸ਼ੀ ਮਨਾਈ ਗਈ।
ਆਲਮਗੀਰ ਕਾਰ ਸੇਵਾ ਦੇ ਡੇਰੇ ਅੰਦਰ ਨਾਮ ਸਿਮਰਨ ਅਤੇ ਗੁਰੂ ਕੇ ਲੰਗਰ ਵਰਤਾਏ ਗਏ
ਆਲਮਗੀਰ, 17 ਅਪ੍ਰੈਲ (ਬਲਜੀਤ ਸਿੰਘ ਬਿੱਟੂ) - ਖ਼ਾਲਸਾ ਸਾਜਨਾ ਦਿਵਸ ਦੀ ਖੁਸ਼ੀ ਵਿੱਚ ਇਤਿਹਾਸਕ ਗੁਰਦੁਆਰਾ ਮੰਜੀ ਸਾਹਿਬ ਆਲਮਗੀਰ ਕਾਰ ਸੇਵਾ ਦੇ ਡੇਰੇ ਅੰਦਰ ਨਾਮ ਸਿਮਰਨ ਸਮਾਗਮ ਕਰਵਾਇਆ ਗਿਆ ਜਿਸ ਵਿੱਚ ਵੱਡੀ ਗਿਣਤੀ ਵਿੱਚ ਸੰਗਤਾਂ ਨੇ ਹਾਜ਼ਰੀ ਭਰੀ। ਬਾਬਾ ਜੀ ਨੇ ਸੰਗਤਾਂ ਨੂੰ ਗੁਰਬਾਣੀ ਨਾਲ ਜੁੜਨ ਅਤੇ ਨਸ਼ਿਆਂ ਤੋਂ ਦੂਰ ਰਹਿਣ ਦੀ ਪ੍ਰੇਰਨਾ ਦਿੱਤੀ। ਇਸ ਮੌਕੇ ਸੇਵਾਦਾਰਾਂ ਵੱਲੋਂ ਗੁਰੂ ਕੇ ਲੰਗਰ ਵਰਤਾਏ ਗਏ ਅਤੇ ਠੰਡੇ ਮਿੱਠੇ ਜਲ ਦੀ ਛਬੀਲ ਲਗਾਈ ਗਈ। ਸਮਾਗਮ ਵਿੱਚ ਪਹੁੰਚੀਆਂ ਪ੍ਰਮੁੱਖ ਸ਼ਖ਼ਸੀਅਤਾਂ ਦਾ ਸਨਮਾਨ ਕੀਤਾ ਗਿਆ ਅਤੇ ਸੰਗਤਾਂ ਨੇ ਪੂਰੀ ਸ਼ਰਧਾ ਨਾਲ ਸੇਵਾ ਵਿੱਚ ਹਿੱਸਾ ਲਿਆ।
ਸ਼੍ਰੋਮਣੀ ਅਕਾਲੀ ਦਲ (ਅ) ਪਾਰਟੀ ਦੇ ਐਗਜ਼ੈਕਟਿਵ ਮੈਂਬਰ ਪੰਜਾਬ ਭਾਈ ਹਰਪਾਲ ਸਿੰਘ ਕੁੱਸਾ ਮੀਰੀ ਪੀਰੀ ਕਾਨਫ਼ਰੰਸ 'ਚ ਜੱਥੇ ਸਮੇਤ ਹੋਏ ਸ਼ਾਮਿਲ
ਅਜੀਤਵਾਲ, 17 ਅਪ੍ਰੈਲ (ਜਸਵੰਤ ਸਿੰਘ ਸਹਿਗਲ) - ਸ਼੍ਰੋਮਣੀ ਅਕਾਲੀ ਦਲ (ਅ) ਪਾਰਟੀ ਦੇ ਐਗਜ਼ੈਕਟਿਵ ਮੈਂਬਰ ਭਾਈ ਹਰਪਾਲ ਸਿੰਘ ਕੁੱਸਾ ਆਪਣੇ ਜੱਥੇ ਸਮੇਤ ਮੀਰੀ ਪੀਰੀ ਕਾਨਫ਼ਰੰਸ ਵਿੱਚ ਸ਼ਾਮਿਲ ਹੋਏ। ਉਨ੍ਹਾਂ ਨੇ ਕਿਹਾ ਕਿ ਸਿੱਖ ਕੌਮ ਨੂੰ ਆਪਣੇ ਹੱਕਾਂ ਲਈ ਇੱਕਜੁੱਟ ਹੋਣ ਦੀ ਲੋੜ ਹੈ। ਕਾਨਫ਼ਰੰਸ ਵਿੱਚ ਵੱਖ ਵੱਖ ਪਿੰਡਾਂ ਤੋਂ ਆਏ ਵਰਕਰਾਂ ਨੇ ਭਾਰੀ ਉਤਸ਼ਾਹ ਨਾਲ ਸ਼ਮੂਲੀਅਤ ਕੀਤੀ ਅਤੇ ਪਾਰਟੀ ਪ੍ਰਧਾਨ ਦੀ ਅਗਵਾਈ ਵਿੱਚ ਸੰਘਰਸ਼ ਜਾਰੀ ਰੱਖਣ ਦਾ ਪ੍ਰਣ ਕੀਤਾ।
ਬਿਜਲੀ ਮੰਤਰੀ ਵੱਲੋਂ ਮੁਲਾਜ਼ਮਾਂ ਨਾਲ ਦੁਰਵਿਹਾਰ ਦੇ ਵਿਰੋਧ 'ਚ ਮੰਤਰੀ ਦਾ ਫੂਕਿਆ ਪੁਤਲਾ, ਸਰਕਾਰ ਖਿਲਾਫ਼ ਨਾਅਰੇਬਾਜ਼ੀ
ਜਗਰਾਓਂ, 17 ਅਪ੍ਰੈਲ (ਜਸਵਿੰਦਰ ਸਿੰਘ ਡਾਂਗੀਆਂ) - ਪੀ.ਐਸ.ਈ.ਬੀ. ਇੰਪਲਾਈਜ਼ ਜੁਆਇੰਟ ਫੋਰਮ ਦੇ ਸੱਦੇ ਉੱਤੇ ਬਿਜਲੀ ਮੁਲਾਜ਼ਮਾਂ ਨੇ ਡਵੀਜ਼ਨ ਦਫ਼ਤਰ ਅੱਗੇ ਇਕੱਠੇ ਹੋ ਕੇ ਬਿਜਲੀ ਮੰਤਰੀ ਦਾ ਪੁਤਲਾ ਫੂਕਿਆ ਅਤੇ ਪੰਜਾਬ ਸਰਕਾਰ ਖਿਲਾਫ਼ ਜ਼ੋਰਦਾਰ ਨਾਅਰੇਬਾਜ਼ੀ ਕੀਤੀ। ਆਗੂਆਂ ਨੇ ਕਿਹਾ ਕਿ ਮੰਤਰੀ ਵੱਲੋਂ ਮੀਟਿੰਗ ਦੌਰਾਨ ਮੁਲਾਜ਼ਮ ਆਗੂਆਂ ਨਾਲ ਕੀਤਾ ਗਿਆ ਦੁਰਵਿਹਾਰ ਕਿਸੇ ਵੀ ਕੀਮਤ ਉੱਤੇ ਬਰਦਾਸ਼ਤ ਨਹੀਂ ਕੀਤਾ ਜਾਵੇਗਾ। ਉਨ੍ਹਾਂ ਮੰਗ ਕੀਤੀ ਕਿ ਮੁਲਾਜ਼ਮਾਂ ਦੀਆਂ ਲੰਮੇ ਸਮੇਂ ਤੋਂ ਲਟਕਦੀਆਂ ਮੰਗਾਂ ਤੁਰੰਤ ਪ੍ਰਵਾਨ ਕੀਤੀਆਂ ਜਾਣ, ਖਾਲੀ ਅਸਾਮੀਆਂ ਉੱਤੇ ਪੱਕੀ ਭਰਤੀ ਕੀਤੀ ਜਾਵੇ ਅਤੇ ਠੇਕੇਦਾਰੀ ਪ੍ਰਥਾ ਬੰਦ ਕੀਤੀ ਜਾਵੇ। ਆਗੂਆਂ ਨੇ ਚੇਤਾਵਨੀ ਦਿੱਤੀ ਕਿ ਜੇਕਰ ਸਰਕਾਰ ਨੇ ਆਪਣਾ ਅੜੀਅਲ ਰਵੱਈਆ ਨਾ ਬਦਲਿਆ ਤਾਂ ਆਉਣ ਵਾਲੇ ਦਿਨਾਂ ਵਿੱਚ ਸੰਘਰਸ਼ ਹੋਰ ਤੇਜ਼ ਕੀਤਾ ਜਾਵੇਗਾ ਜਿਸ ਦੀ ਪੂਰੀ ਜ਼ਿੰਮੇਵਾਰੀ ਸਰਕਾਰ ਦੀ ਹੋਵੇਗੀ।
